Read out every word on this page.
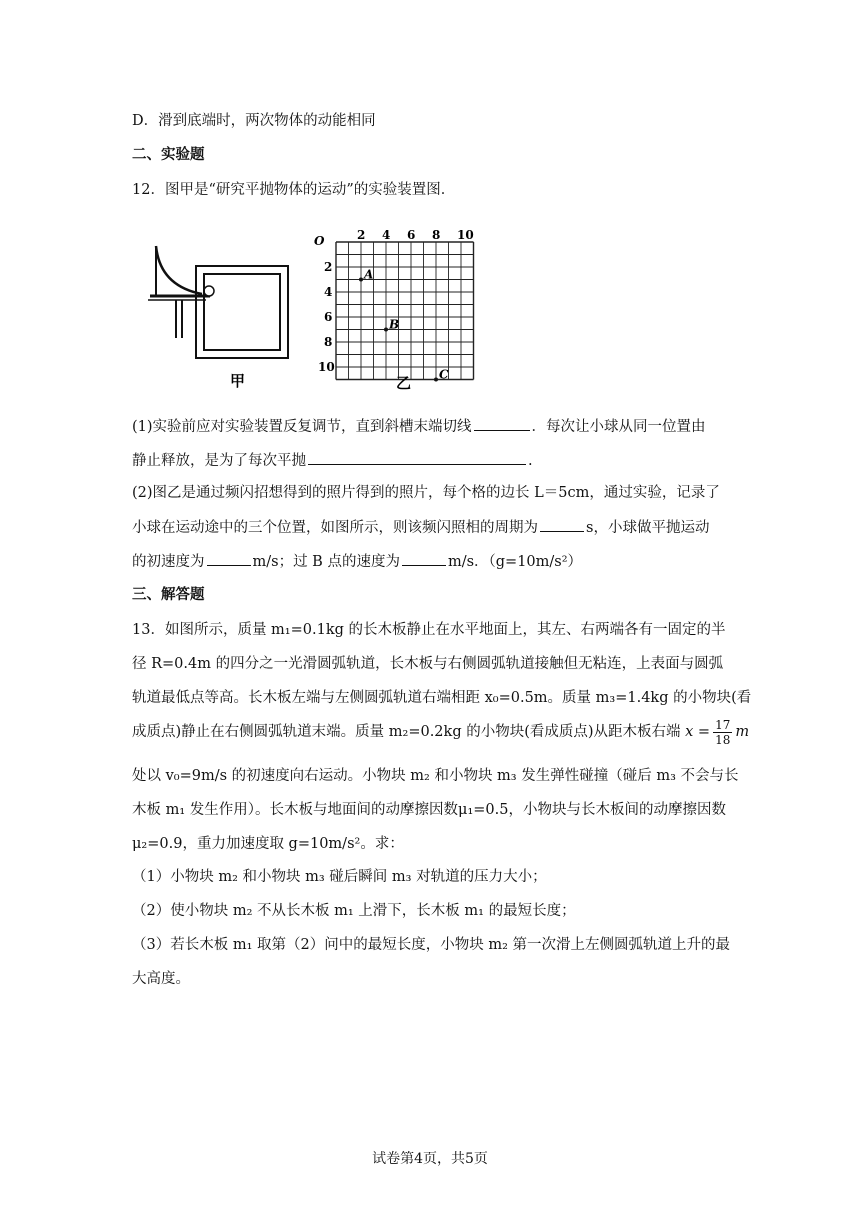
D．滑到底端时，两次物体的动能相同
二、实验题
12．图甲是“研究平抛物体的运动”的实验装置图．
甲
O	2 4 6 8 10
2
4
6
8
10
A
B
C
乙
(1)实验前应对实验装置反复调节，直到斜槽末端切线	．每次让小球从同一位置由
静止释放，是为了每次平抛	.
(2)图乙是通过频闪招想得到的照片得到的照片，每个格的边长 L＝5cm，通过实验，记录了
小球在运动途中的三个位置，如图所示，则该频闪照相的周期为	s，小球做平抛运动
的初速度为	m/s；过 B 点的速度为	m/s．（g=10m/s²）
三、解答题
13．如图所示，质量 m₁=0.1kg 的长木板静止在水平地面上，其左、右两端各有一固定的半
径 R=0.4m 的四分之一光滑圆弧轨道，长木板与右侧圆弧轨道接触但无粘连，上表面与圆弧
轨道最低点等高。长木板左端与左侧圆弧轨道右端相距 x₀=0.5m。质量 m₃=1.4kg 的小物块(看
成质点)静止在右侧圆弧轨道末端。质量 m₂=0.2kg 的小物块(看成质点)从距木板右端 $x = \frac{17}{18}$ m
处以 v₀=9m/s 的初速度向右运动。小物块 m₂ 和小物块 m₃ 发生弹性碰撞（碰后 m₃ 不会与长
木板 m₁ 发生作用）。长木板与地面间的动摩擦因数μ₁=0.5，小物块与长木板间的动摩擦因数
μ₂=0.9，重力加速度取 g=10m/s²。求：
（1）小物块 m₂ 和小物块 m₃ 碰后瞬间 m₃ 对轨道的压力大小；
（2）使小物块 m₂ 不从长木板 m₁ 上滑下，长木板 m₁ 的最短长度；
（3）若长木板 m₁ 取第（2）问中的最短长度，小物块 m₂ 第一次滑上左侧圆弧轨道上升的最
大高度。
试卷第4页，共5页
